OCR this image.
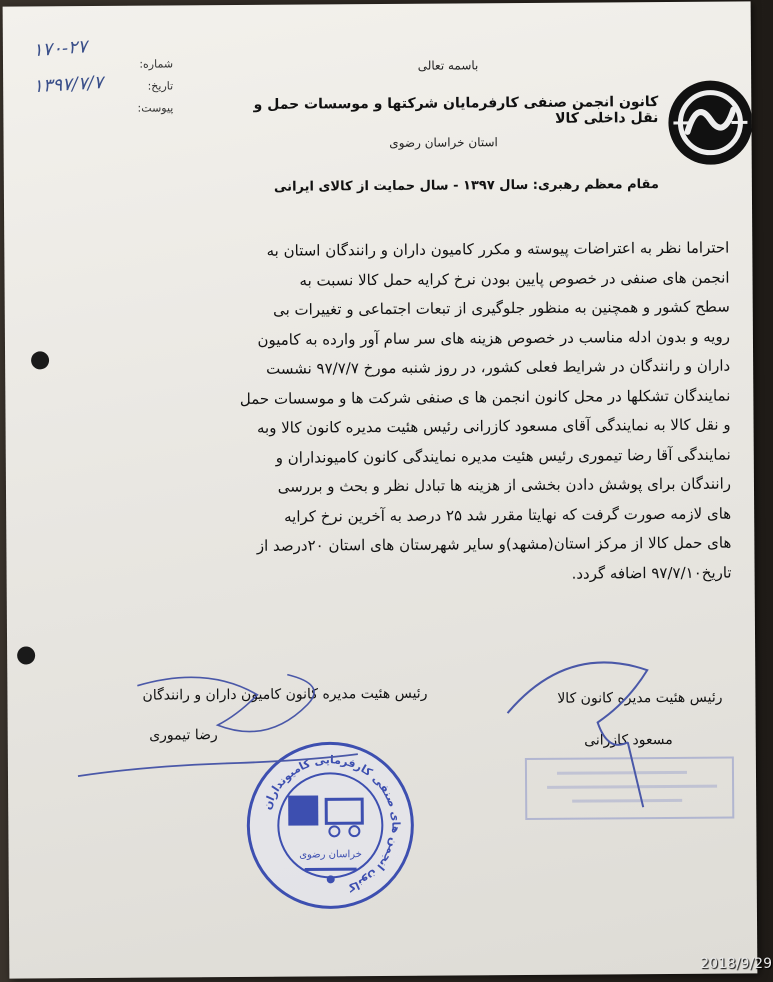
باسمه تعالی
کانون انجمن صنفی کارفرمایان شرکتها و موسسات حمل و نقل داخلی کالا
استان خراسان رضوی
شماره:
تاریخ:
پیوست:
۱۷۰-۲۷
۱۳۹۷/۷/۷
مقام معظم رهبری: سال ۱۳۹۷ - سال حمایت از کالای ایرانی
احتراما نظر به اعتراضات پیوسته و مکرر کامیون داران و رانندگان استان به
انجمن های صنفی در خصوص پایین بودن نرخ کرایه حمل کالا نسبت به
سطح کشور و همچنین به منظور جلوگیری از تبعات اجتماعی و تغییرات بی
رویه و بدون ادله مناسب در خصوص هزینه های سر سام آور وارده به کامیون
داران و رانندگان در شرایط فعلی کشور، در روز شنبه مورخ ۹۷/۷/۷ نشست
نمایندگان تشکلها در محل کانون انجمن ها ی صنفی شرکت ها و موسسات حمل
و نقل کالا به نمایندگی آقای مسعود کازرانی رئیس هئیت مدیره کانون کالا وبه
نمایندگی آقا رضا تیموری رئیس هئیت مدیره نمایندگی کانون کامیونداران و
رانندگان برای پوشش دادن بخشی از هزینه ها تبادل نظر و بحث و بررسی
های لازمه صورت گرفت که نهایتا مقرر شد ۲۵ درصد به آخرین نرخ کرایه
های حمل کالا از مرکز استان(مشهد)و سایر شهرستان های استان ۲۰درصد از
تاریخ۹۷/۷/۱۰ اضافه گردد.
رئیس هئیت مدیره کانون کالا
مسعود کازرانی
رئیس هئیت مدیره کانون کامیون داران و رانندگان
رضا تیموری
کانون انجمن های صنفی کارفرمایی کامیونداران
خراسان رضوی
2018/9/29
